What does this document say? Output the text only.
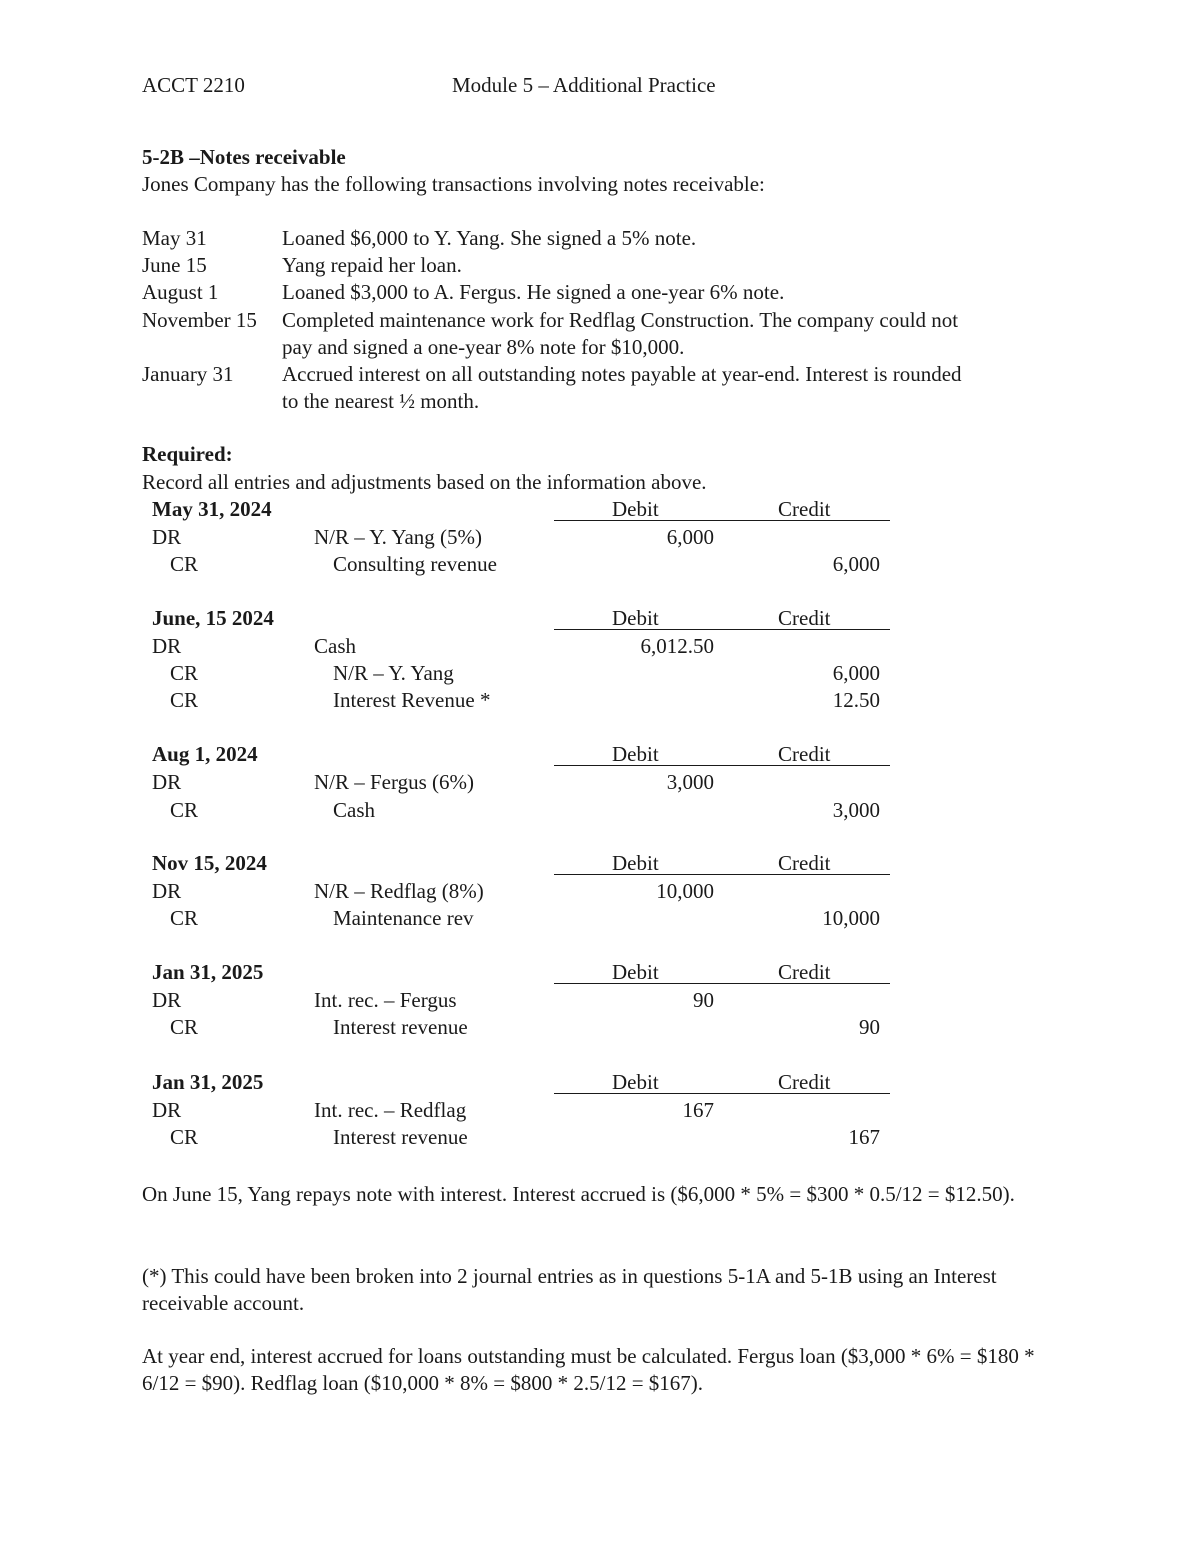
ACCT 2210	Module 5 – Additional Practice
5-2B –Notes receivable
Jones Company has the following transactions involving notes receivable:
May 31	Loaned $6,000 to Y. Yang. She signed a 5% note.
June 15	Yang repaid her loan.
August 1	Loaned $3,000 to A. Fergus. He signed a one-year 6% note.
November 15 Completed maintenance work for Redflag Construction. The company could not
pay and signed a one-year 8% note for $10,000.
January 31 Accrued interest on all outstanding notes payable at year-end. Interest is rounded
to the nearest ½ month.
Required:
Record all entries and adjustments based on the information above.
May 31, 2024	Debit	Credit
DR	N/R – Y. Yang (5%)	6,000
CR	Consulting revenue	6,000
June, 15 2024	Debit	Credit
DR	Cash	6,012.50
CR	N/R – Y. Yang	6,000
CR	Interest Revenue *	12.50
Aug 1, 2024	Debit	Credit
DR	N/R – Fergus (6%)	3,000
CR	Cash	3,000
Nov 15, 2024	Debit	Credit
DR	N/R – Redflag (8%)	10,000
CR	Maintenance rev	10,000
Jan 31, 2025	Debit	Credit
DR	Int. rec. – Fergus	90
CR	Interest revenue	90
Jan 31, 2025	Debit	Credit
DR	Int. rec. – Redflag	167
CR	Interest revenue	167
On June 15, Yang repays note with interest. Interest accrued is ($6,000 * 5% = $300 * 0.5/12 = $12.50).
(*) This could have been broken into 2 journal entries as in questions 5-1A and 5-1B using an Interest receivable account.
At year end, interest accrued for loans outstanding must be calculated. Fergus loan ($3,000 * 6% = $180 * 6/12 = $90). Redflag loan ($10,000 * 8% = $800 * 2.5/12 = $167).
